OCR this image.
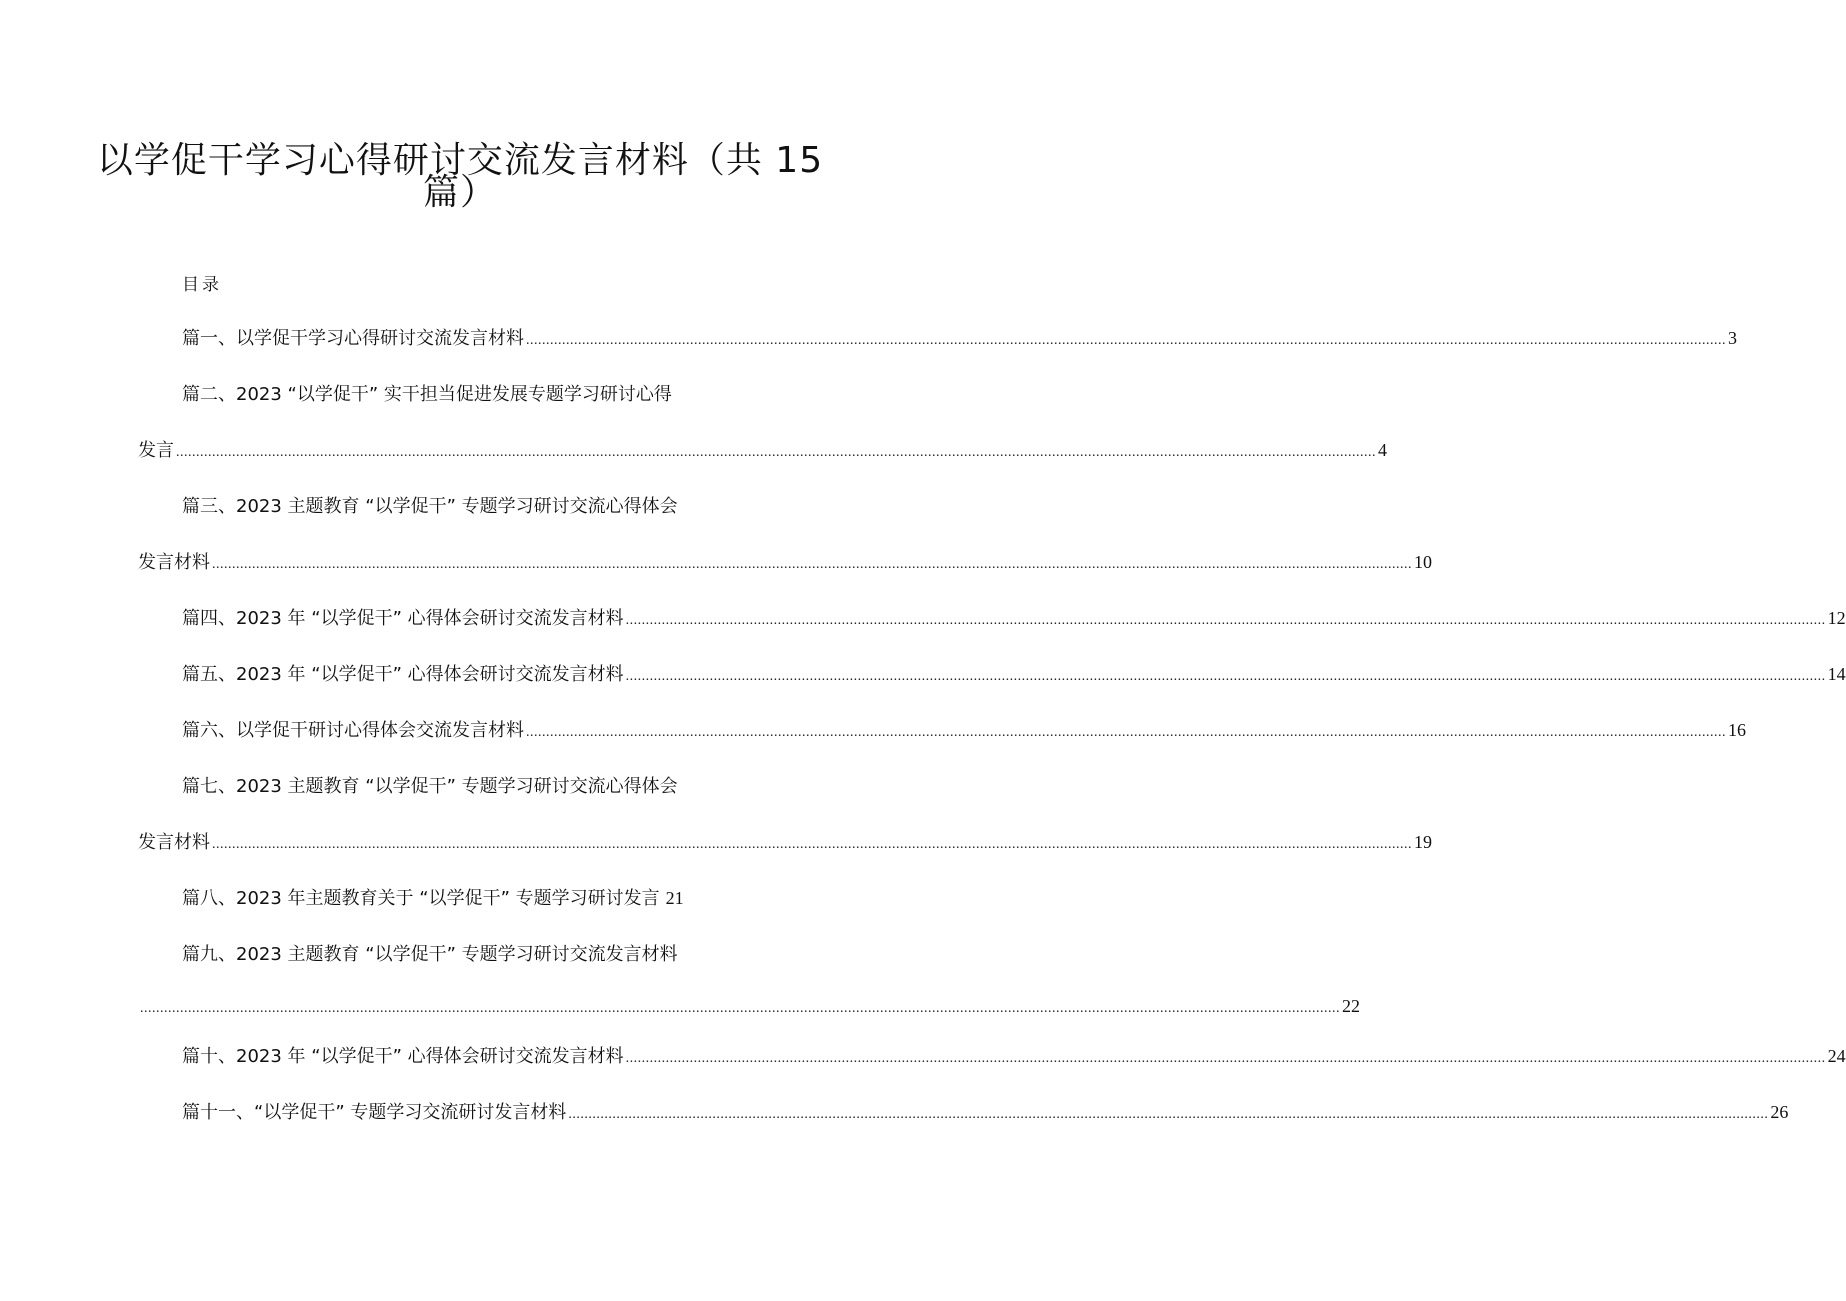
以学促干学习心得研讨交流发言材料（共 15
篇）
目录
篇一、 以学促干学习心得研讨交流发言材料 ............................................................................................................................................................................................................................................................................................................ 3
篇二、 2023 “以学促干” 实干担当促进发展专题学习研讨心得
发言 ............................................................................................................................................................................................................................................................................................................ 4
篇三、 2023 主题教育 “以学促干” 专题学习研讨交流心得体会
发言材料 ............................................................................................................................................................................................................................................................................................................ 10
篇四、 2023 年 “以学促干” 心得体会研讨交流发言材料 ............................................................................................................................................................................................................................................................................................................ 12
篇五、 2023 年 “以学促干” 心得体会研讨交流发言材料 ............................................................................................................................................................................................................................................................................................................ 14
篇六、 以学促干研讨心得体会交流发言材料 ............................................................................................................................................................................................................................................................................................................ 16
篇七、 2023 主题教育 “以学促干” 专题学习研讨交流心得体会
发言材料 ............................................................................................................................................................................................................................................................................................................ 19
篇八、 2023 年主题教育关于 “以学促干” 专题学习研讨发言 21
篇九、 2023 主题教育 “以学促干” 专题学习研讨交流发言材料
............................................................................................................................................................................................................................................................................................................ 22
篇十、 2023 年 “以学促干” 心得体会研讨交流发言材料 ............................................................................................................................................................................................................................................................................................................ 24
篇十一、 “以学促干” 专题学习交流研讨发言材料 ............................................................................................................................................................................................................................................................................................................ 26
